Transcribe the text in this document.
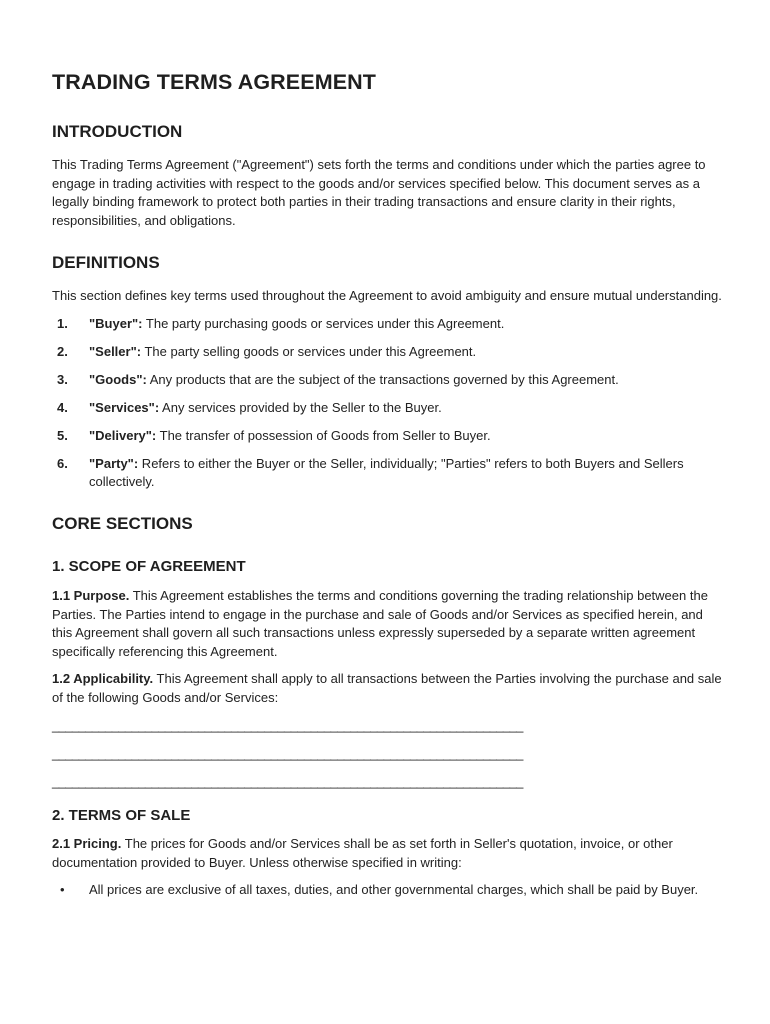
TRADING TERMS AGREEMENT
INTRODUCTION

This Trading Terms Agreement ("Agreement") sets forth the terms and conditions under which the parties agree to engage in trading activities with respect to the goods and/or services specified below. This document serves as a legally binding framework to protect both parties in their trading transactions and ensure clarity in their rights, responsibilities, and obligations.

DEFINITIONS

This section defines key terms used throughout the Agreement to avoid ambiguity and ensure mutual understanding.

1. "Buyer": The party purchasing goods or services under this Agreement.
2. "Seller": The party selling goods or services under this Agreement.
3. "Goods": Any products that are the subject of the transactions governed by this Agreement.
4. "Services": Any services provided by the Seller to the Buyer.
5. "Delivery": The transfer of possession of Goods from Seller to Buyer.
6. "Party": Refers to either the Buyer or the Seller, individually; "Parties" refers to both Buyers and Sellers collectively.
CORE SECTIONS
1. SCOPE OF AGREEMENT

1.1 Purpose. This Agreement establishes the terms and conditions governing the trading relationship between the Parties. The Parties intend to engage in the purchase and sale of Goods and/or Services as specified herein, and this Agreement shall govern all such transactions unless expressly superseded by a separate written agreement specifically referencing this Agreement.

1.2 Applicability. This Agreement shall apply to all transactions between the Parties involving the purchase and sale of the following Goods and/or Services:

_______________________________________________________________________
_______________________________________________________________________
_______________________________________________________________________
2. TERMS OF SALE

2.1 Pricing. The prices for Goods and/or Services shall be as set forth in Seller's quotation, invoice, or other documentation provided to Buyer. Unless otherwise specified in writing:

• All prices are exclusive of all taxes, duties, and other governmental charges, which shall be paid by Buyer.
